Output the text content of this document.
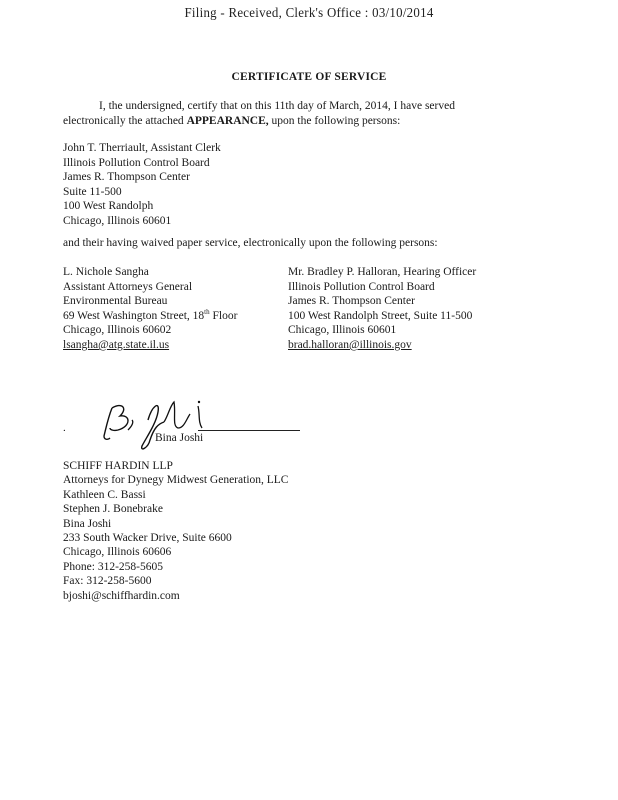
Filing - Received, Clerk's Office : 03/10/2014
CERTIFICATE OF SERVICE
I, the undersigned, certify that on this 11th day of March, 2014, I have served
electronically the attached APPEARANCE, upon the following persons:
John T. Therriault, Assistant Clerk
Illinois Pollution Control Board
James R. Thompson Center
Suite 11-500
100 West Randolph
Chicago, Illinois 60601
and their having waived paper service, electronically upon the following persons:
L. Nichole Sangha
Assistant Attorneys General
Environmental Bureau
69 West Washington Street, 18th Floor
Chicago, Illinois 60602
lsangha@atg.state.il.us
Mr. Bradley P. Halloran, Hearing Officer
Illinois Pollution Control Board
James R. Thompson Center
100 West Randolph Street, Suite 11-500
Chicago, Illinois 60601
brad.halloran@illinois.gov
.
Bina Joshi
SCHIFF HARDIN LLP
Attorneys for Dynegy Midwest Generation, LLC
Kathleen C. Bassi
Stephen J. Bonebrake
Bina Joshi
233 South Wacker Drive, Suite 6600
Chicago, Illinois 60606
Phone: 312-258-5605
Fax: 312-258-5600
bjoshi@schiffhardin.com
